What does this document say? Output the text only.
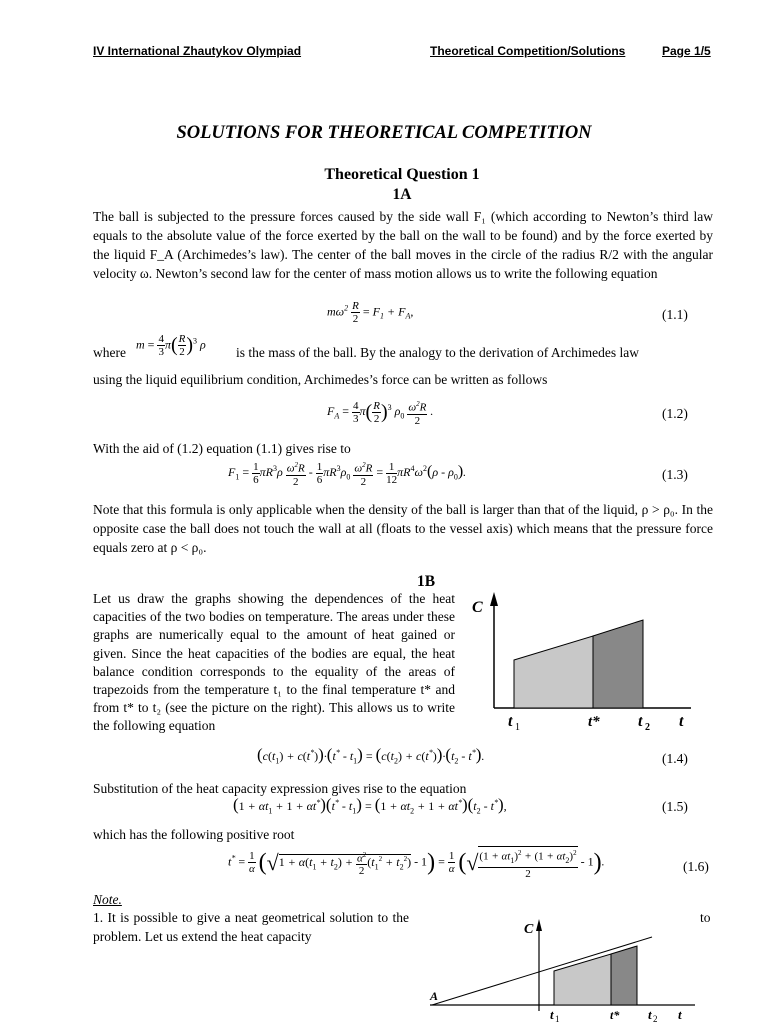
IV International Zhautykov Olympiad	Theoretical Competition/Solutions	Page 1/5
SOLUTIONS FOR THEORETICAL COMPETITION
Theoretical Question 1
1A
The ball is subjected to the pressure forces caused by the side wall F₁ (which according to Newton’s third law equals to the absolute value of the force exerted by the ball on the wall to be found) and by the force exerted by the liquid F_A (Archimedes’s law). The center of the ball moves in the circle of the radius R/2 with the angular velocity ω. Newton’s second law for the center of mass motion allows us to write the following equation
$m\omega^2 \frac{R}{2} = F_1 + F_A$,	(1.1)
where
$m = \frac{4}{3} \pi( \frac{R}{2} )^3$ ρ
is the mass of the ball. By the analogy to the derivation of Archimedes law
using the liquid equilibrium condition, Archimedes’s force can be written as follows
$F_A = \frac{4}{3} \pi( \frac{R}{2} )^3$ $\rho_0 \frac{\omega^2R}{2}$ .	(1.2)
With the aid of (1.2) equation (1.1) gives rise to
$F_1 = \frac{1}{6} \pi R^3\rho \frac{\omega^2R}{2} - \frac{1}{6} \pi R^3\rho_0 \frac{\omega^2R}{2} = \frac{1}{12} \pi R^4\omega^2(\rho - \rho_0)$.	(1.3)
Note that this formula is only applicable when the density of the ball is larger than that of the liquid, ρ > ρ₀. In the opposite case the ball does not touch the wall at all (floats to the vessel axis) which means that the pressure force equals zero at ρ < ρ₀.
1B
Let us draw the graphs showing the dependences of the heat capacities of the two bodies on temperature. The areas under these graphs are numerically equal to the amount of heat gained or given. Since the heat capacities of the bodies are equal, the heat balance condition corresponds to the equality of the areas of trapezoids from the temperature t₁ to the final temperature t* and from t* to t₂ (see the picture on the right). This allows us to write the following equation
C
t 1	t* t 2 t
$(c(t_1) + c(t^*))\cdot(t^* - t_1) = (c(t_2) + c(t^*))\cdot(t_2 - t^*)$.	(1.4)
Substitution of the heat capacity expression gives rise to the equation
$(1 + \alpha t_1 + 1 + \alpha t^*)(t^* - t_1) = (1 + \alpha t_2 + 1 + \alpha t^*)(t_2 - t^*)$,	(1.5)
which has the following positive root
$t^* = \frac{1}{\alpha} (√1 + \alpha(t_1 + t_2) + \frac{\alpha^2}{2} (t_1^2 + t_2^2) - 1) = \frac{1}{\alpha}$ (√ $\frac{(1 + \alpha t_1)^2 + (1 + \alpha t_2)^2}{2} - 1$).	(1.6)
Note.
1. It is possible to give a neat geometrical solution to the problem. Let us extend the heat capacity
to
C
A
t 1	t* t 2 t
